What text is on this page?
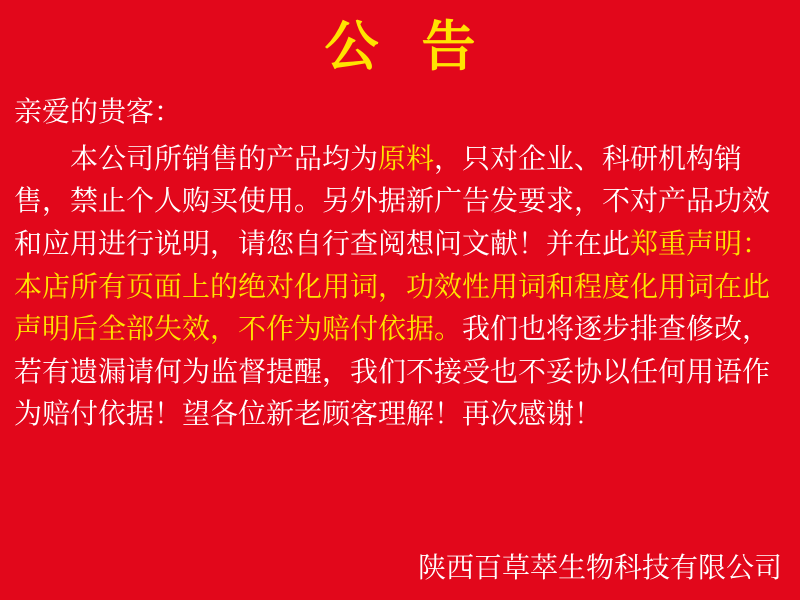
公 告
亲爱的贵客：
本公司所销售的产品均为原料，只对企业、科研机构销售，禁止个人购买使用。另外据新广告发要求，不对产品功效和应用进行说明，请您自行查阅想问文献！并在此郑重声明：本店所有页面上的绝对化用词，功效性用词和程度化用词在此声明后全部失效，不作为赔付依据。我们也将逐步排查修改，若有遗漏请何为监督提醒，我们不接受也不妥协以任何用语作为赔付依据！望各位新老顾客理解！再次感谢！
陕西百草萃生物科技有限公司
